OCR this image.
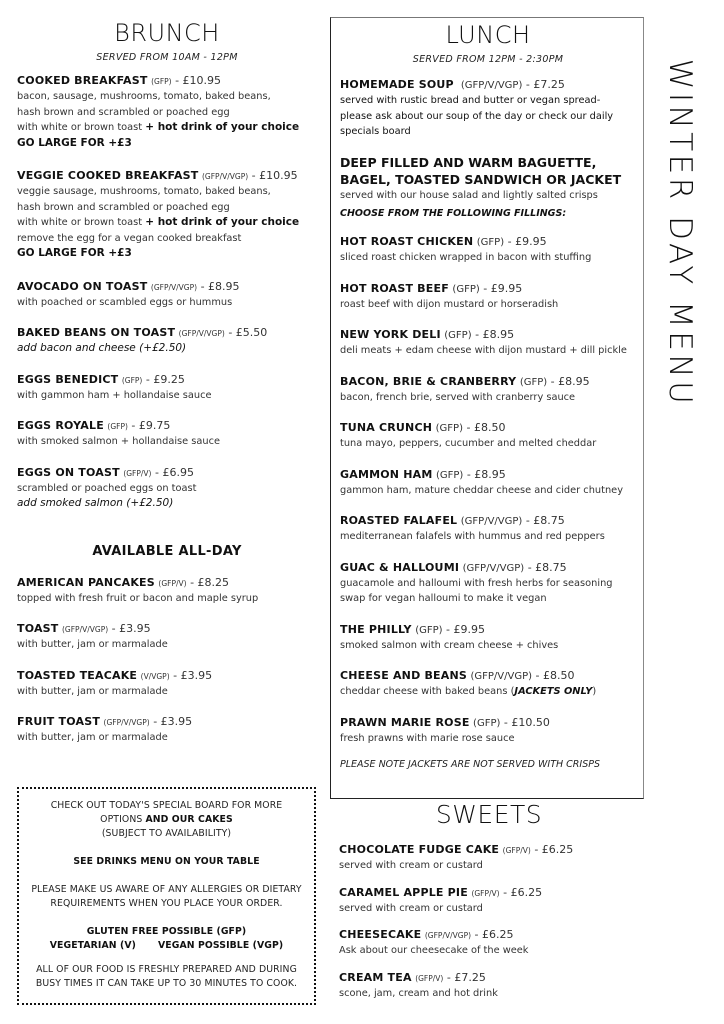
BRUNCH
SERVED FROM 10AM - 12PM
COOKED BREAKFAST (GFP) - £10.95
bacon, sausage, mushrooms, tomato, baked beans,
hash brown and scrambled or poached egg
with white or brown toast + hot drink of your choice
GO LARGE FOR +£3
VEGGIE COOKED BREAKFAST (GFP/V/VGP) - £10.95
veggie sausage, mushrooms, tomato, baked beans,
hash brown and scrambled or poached egg
with white or brown toast + hot drink of your choice
remove the egg for a vegan cooked breakfast
GO LARGE FOR +£3
AVOCADO ON TOAST (GFP/V/VGP) - £8.95
with poached or scambled eggs or hummus
BAKED BEANS ON TOAST (GFP/V/VGP) - £5.50
add bacon and cheese (+£2.50)
EGGS BENEDICT (GFP) - £9.25
with gammon ham + hollandaise sauce
EGGS ROYALE (GFP) - £9.75
with smoked salmon + hollandaise sauce
EGGS ON TOAST (GFP/V) - £6.95
scrambled or poached eggs on toast
add smoked salmon (+£2.50)
AVAILABLE ALL-DAY
AMERICAN PANCAKES (GFP/V) - £8.25
topped with fresh fruit or bacon and maple syrup
TOAST (GFP/V/VGP) - £3.95
with butter, jam or marmalade
TOASTED TEACAKE (V/VGP) - £3.95
with butter, jam or marmalade
FRUIT TOAST (GFP/V/VGP) - £3.95
with butter, jam or marmalade
CHECK OUT TODAY'S SPECIAL BOARD FOR MORE
OPTIONS AND OUR CAKES
(SUBJECT TO AVAILABILITY)
SEE DRINKS MENU ON YOUR TABLE
PLEASE MAKE US AWARE OF ANY ALLERGIES OR DIETARY
REQUIREMENTS WHEN YOU PLACE YOUR ORDER.
GLUTEN FREE POSSIBLE (GFP)
VEGETARIAN (V) VEGAN POSSIBLE (VGP)
ALL OF OUR FOOD IS FRESHLY PREPARED AND DURING
BUSY TIMES IT CAN TAKE UP TO 30 MINUTES TO COOK.
LUNCH
SERVED FROM 12PM - 2:30PM
HOMEMADE SOUP (GFP/V/VGP) - £7.25
served with rustic bread and butter or vegan spread-
please ask about our soup of the day or check our daily
specials board
DEEP FILLED AND WARM BAGUETTE,
BAGEL, TOASTED SANDWICH OR JACKET
served with our house salad and lightly salted crisps
CHOOSE FROM THE FOLLOWING FILLINGS:
HOT ROAST CHICKEN (GFP) - £9.95
sliced roast chicken wrapped in bacon with stuffing
HOT ROAST BEEF (GFP) - £9.95
roast beef with dijon mustard or horseradish
NEW YORK DELI (GFP) - £8.95
deli meats + edam cheese with dijon mustard + dill pickle
BACON, BRIE & CRANBERRY (GFP) - £8.95
bacon, french brie, served with cranberry sauce
TUNA CRUNCH (GFP) - £8.50
tuna mayo, peppers, cucumber and melted cheddar
GAMMON HAM (GFP) - £8.95
gammon ham, mature cheddar cheese and cider chutney
ROASTED FALAFEL (GFP/V/VGP) - £8.75
mediterranean falafels with hummus and red peppers
GUAC & HALLOUMI (GFP/V/VGP) - £8.75
guacamole and halloumi with fresh herbs for seasoning
swap for vegan halloumi to make it vegan
THE PHILLY (GFP) - £9.95
smoked salmon with cream cheese + chives
CHEESE AND BEANS (GFP/V/VGP) - £8.50
cheddar cheese with baked beans (JACKETS ONLY)
PRAWN MARIE ROSE (GFP) - £10.50
fresh prawns with marie rose sauce
PLEASE NOTE JACKETS ARE NOT SERVED WITH CRISPS
SWEETS
CHOCOLATE FUDGE CAKE (GFP/V) - £6.25
served with cream or custard
CARAMEL APPLE PIE (GFP/V) - £6.25
served with cream or custard
CHEESECAKE (GFP/V/VGP) - £6.25
Ask about our cheesecake of the week
CREAM TEA (GFP/V) - £7.25
scone, jam, cream and hot drink
WINTER DAY MENU
